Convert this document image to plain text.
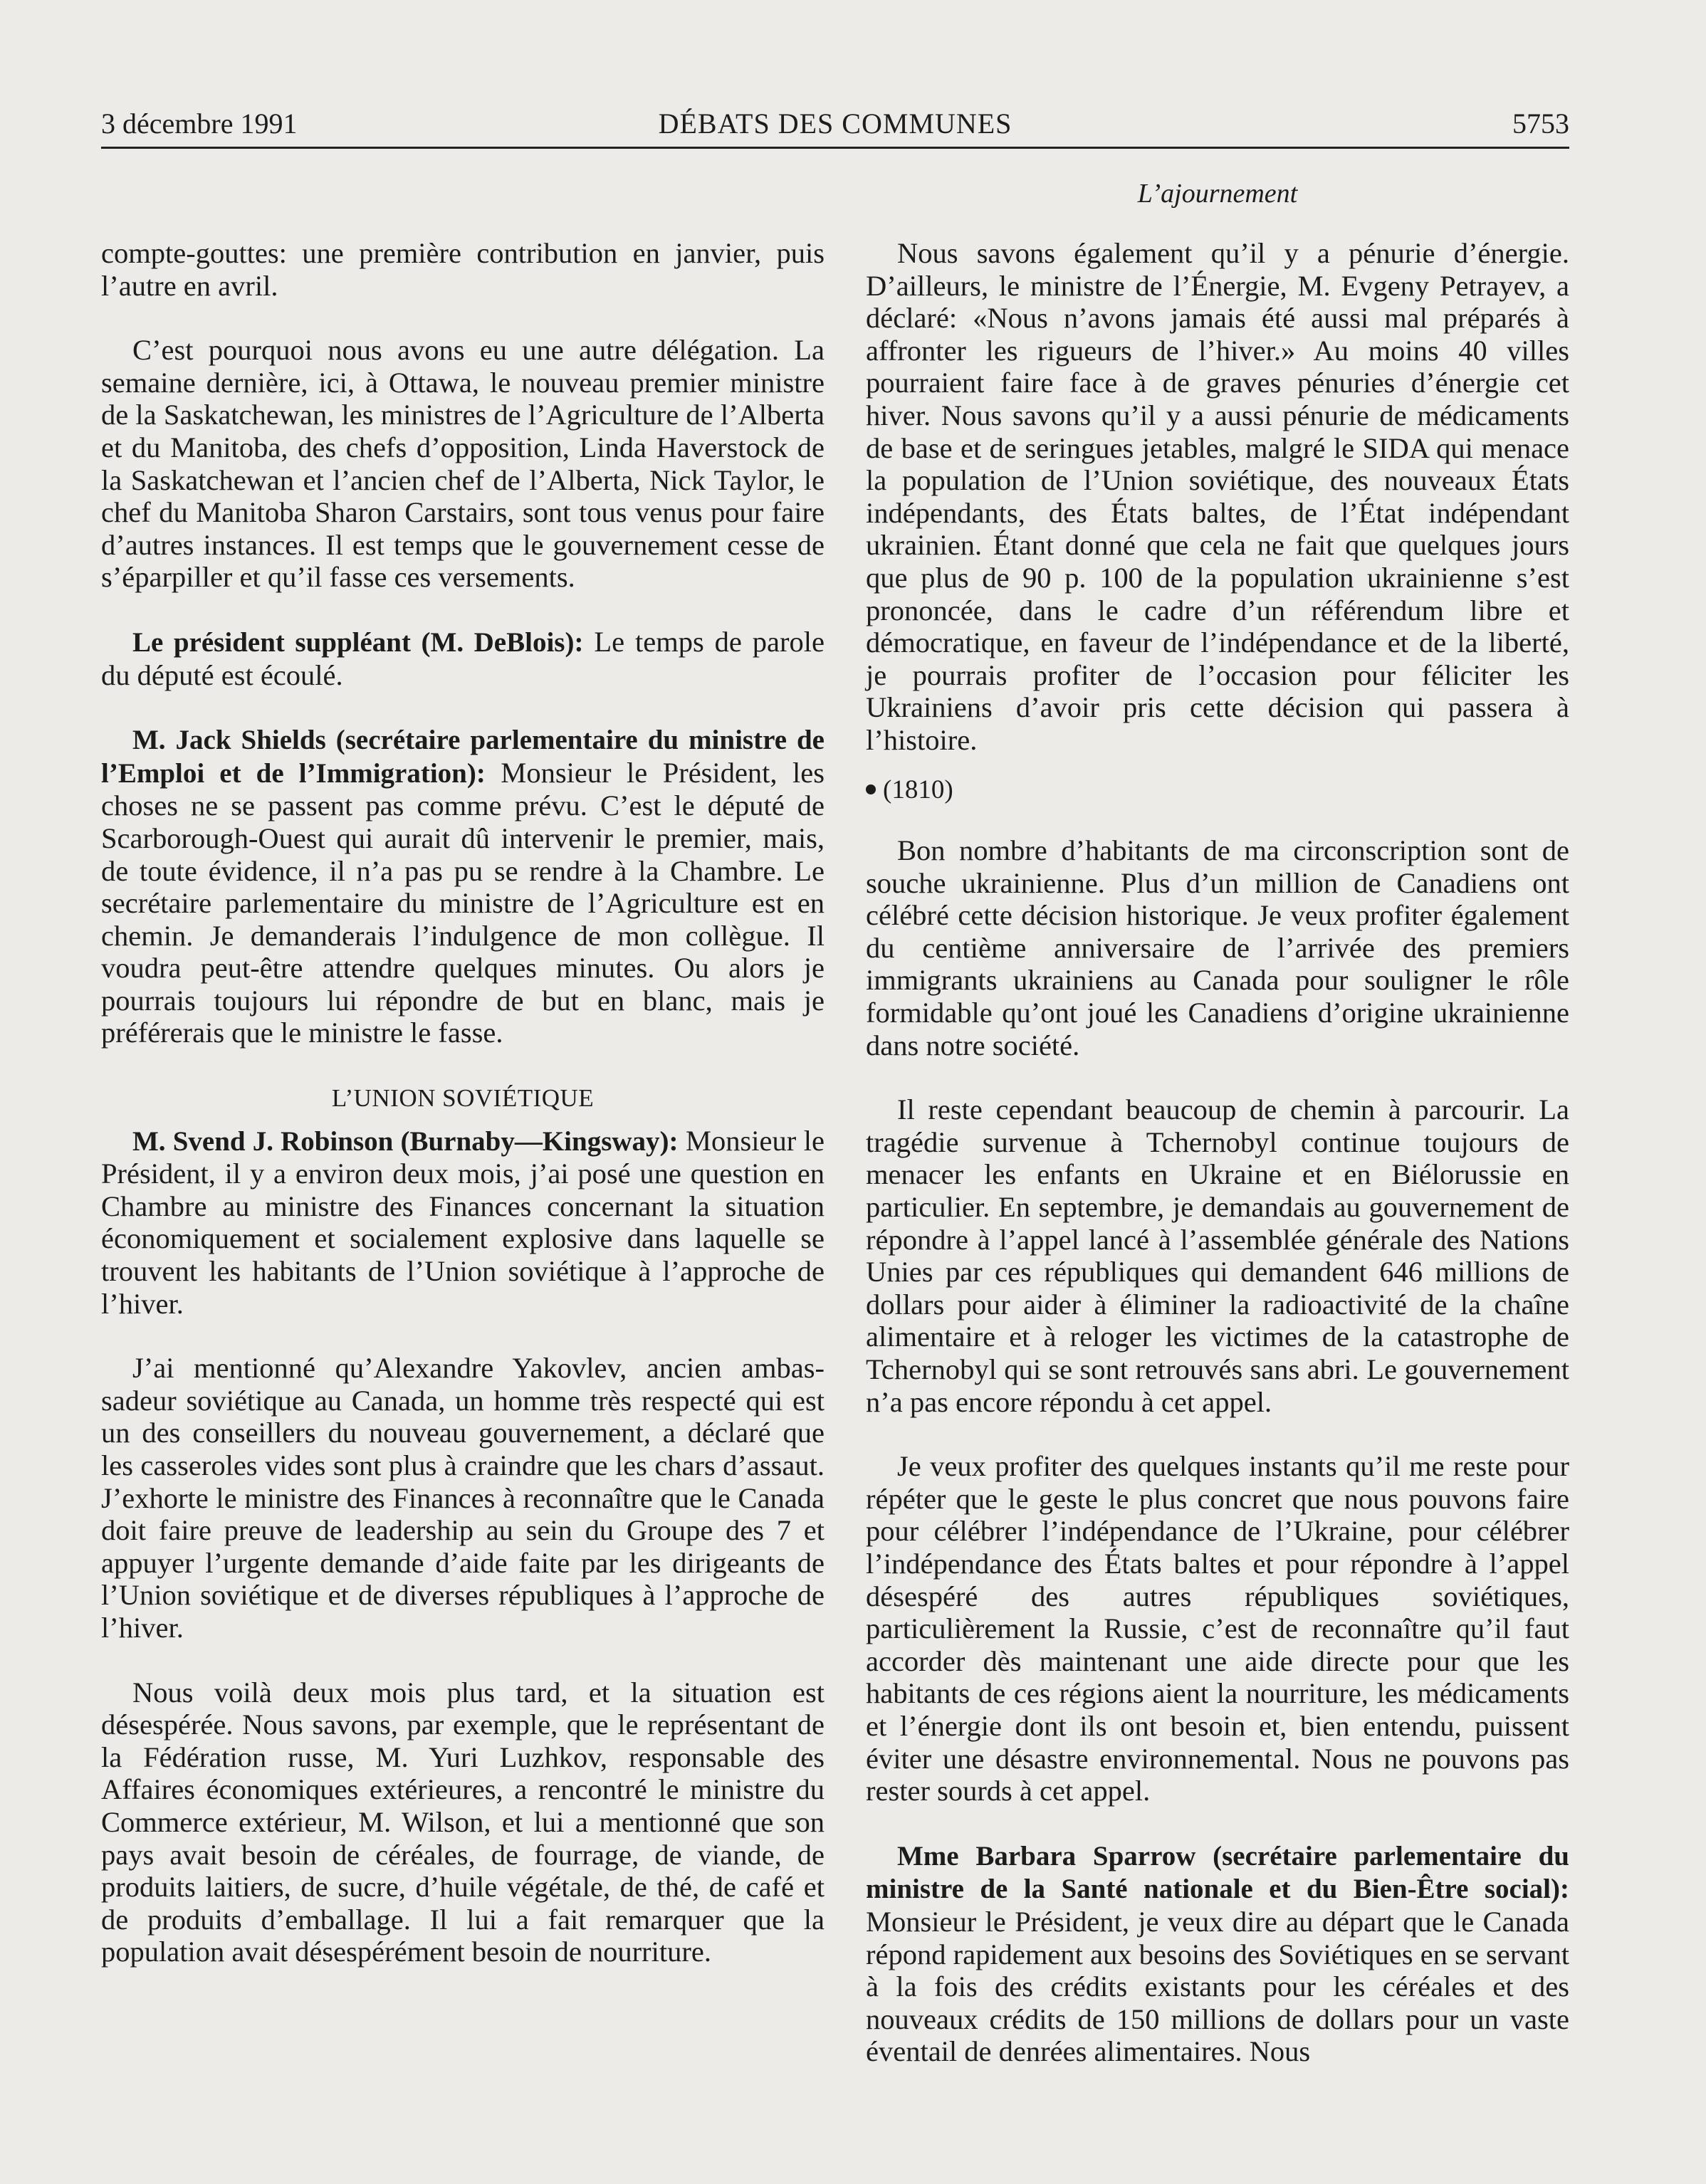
3 décembre 1991	DÉBATS DES COMMUNES	5753
L’ajournement

compte-gouttes: une première contribution en janvier, puis l’autre en avril.

C’est pourquoi nous avons eu une autre délégation. La semaine dernière, ici, à Ottawa, le nouveau premier ministre de la Saskatchewan, les ministres de l’Agriculture de l’Alberta et du Manitoba, des chefs d’opposition, Linda Haverstock de la Saskatchewan et l’ancien chef de l’Alberta, Nick Taylor, le chef du Manitoba Sharon Carstairs, sont tous venus pour faire d’autres instances. Il est temps que le gouvernement cesse de s’éparpiller et qu’il fasse ces versements.

Le président suppléant (M. DeBlois): Le temps de parole du député est écoulé.

M. Jack Shields (secrétaire parlementaire du ministre de l’Emploi et de l’Immigration): Monsieur le Président, les choses ne se passent pas comme prévu. C’est le député de Scarborough-Ouest qui aurait dû intervenir le premier, mais, de toute évidence, il n’a pas pu se rendre à la Chambre. Le secrétaire parlementaire du ministre de l’Agriculture est en chemin. Je demanderais l’indulgence de mon collègue. Il voudra peut-être attendre quelques minutes. Ou alors je pourrais toujours lui répondre de but en blanc, mais je préférerais que le ministre le fasse.

L’UNION SOVIÉTIQUE

M. Svend J. Robinson (Burnaby—Kingsway): Monsieur le Président, il y a environ deux mois, j’ai posé une question en Chambre au ministre des Finances concernant la situation économiquement et socialement explosive dans laquelle se trouvent les habitants de l’Union soviétique à l’approche de l’hiver.

J’ai mentionné qu’Alexandre Yakovlev, ancien ambassadeur soviétique au Canada, un homme très respecté qui est un des conseillers du nouveau gouvernement, a déclaré que les casseroles vides sont plus à craindre que les chars d’assaut. J’exhorte le ministre des Finances à reconnaître que le Canada doit faire preuve de leadership au sein du Groupe des 7 et appuyer l’urgente demande d’aide faite par les dirigeants de l’Union soviétique et de diverses républiques à l’approche de l’hiver.

Nous voilà deux mois plus tard, et la situation est désespérée. Nous savons, par exemple, que le représentant de la Fédération russe, M. Yuri Luzhkov, responsable des Affaires économiques extérieures, a rencontré le ministre du Commerce extérieur, M. Wilson, et lui a mentionné que son pays avait besoin de céréales, de fourrage, de viande, de produits laitiers, de sucre, d’huile végétale, de thé, de café et de produits d’emballage. Il lui a fait remarquer que la population avait désespérément besoin de nourriture.

Nous savons également qu’il y a pénurie d’énergie. D’ailleurs, le ministre de l’Énergie, M. Evgeny Petrayev, a déclaré: «Nous n’avons jamais été aussi mal préparés à affronter les rigueurs de l’hiver.» Au moins 40 villes pourraient faire face à de graves pénuries d’énergie cet hiver. Nous savons qu’il y a aussi pénurie de médicaments de base et de seringues jetables, malgré le SIDA qui menace la population de l’Union soviétique, des nouveaux États indépendants, des États baltes, de l’État indépendant ukrainien. Étant donné que cela ne fait que quelques jours que plus de 90 p. 100 de la population ukrainienne s’est prononcée, dans le cadre d’un référendum libre et démocratique, en faveur de l’indépendance et de la liberté, je pourrais profiter de l’occasion pour féliciter les Ukrainiens d’avoir pris cette décision qui passera à l’histoire.

(1810)

Bon nombre d’habitants de ma circonscription sont de souche ukrainienne. Plus d’un million de Canadiens ont célébré cette décision historique. Je veux profiter également du centième anniversaire de l’arrivée des premiers immigrants ukrainiens au Canada pour souligner le rôle formidable qu’ont joué les Canadiens d’origine ukrainienne dans notre société.

Il reste cependant beaucoup de chemin à parcourir. La tragédie survenue à Tchernobyl continue toujours de menacer les enfants en Ukraine et en Biélorussie en particulier. En septembre, je demandais au gouvernement de répondre à l’appel lancé à l’assemblée générale des Nations Unies par ces républiques qui demandent 646 millions de dollars pour aider à éliminer la radioactivité de la chaîne alimentaire et à reloger les victimes de la catastrophe de Tchernobyl qui se sont retrouvés sans abri. Le gouvernement n’a pas encore répondu à cet appel.

Je veux profiter des quelques instants qu’il me reste pour répéter que le geste le plus concret que nous pouvons faire pour célébrer l’indépendance de l’Ukraine, pour célébrer l’indépendance des États baltes et pour répondre à l’appel désespéré des autres républiques soviétiques, particulièrement la Russie, c’est de reconnaître qu’il faut accorder dès maintenant une aide directe pour que les habitants de ces régions aient la nourriture, les médicaments et l’énergie dont ils ont besoin et, bien entendu, puissent éviter une désastre environnemental. Nous ne pouvons pas rester sourds à cet appel.

Mme Barbara Sparrow (secrétaire parlementaire du ministre de la Santé nationale et du Bien-Être social): Monsieur le Président, je veux dire au départ que le Canada répond rapidement aux besoins des Soviétiques en se servant à la fois des crédits existants pour les céréales et des nouveaux crédits de 150 millions de dollars pour un vaste éventail de denrées alimentaires. Nous
